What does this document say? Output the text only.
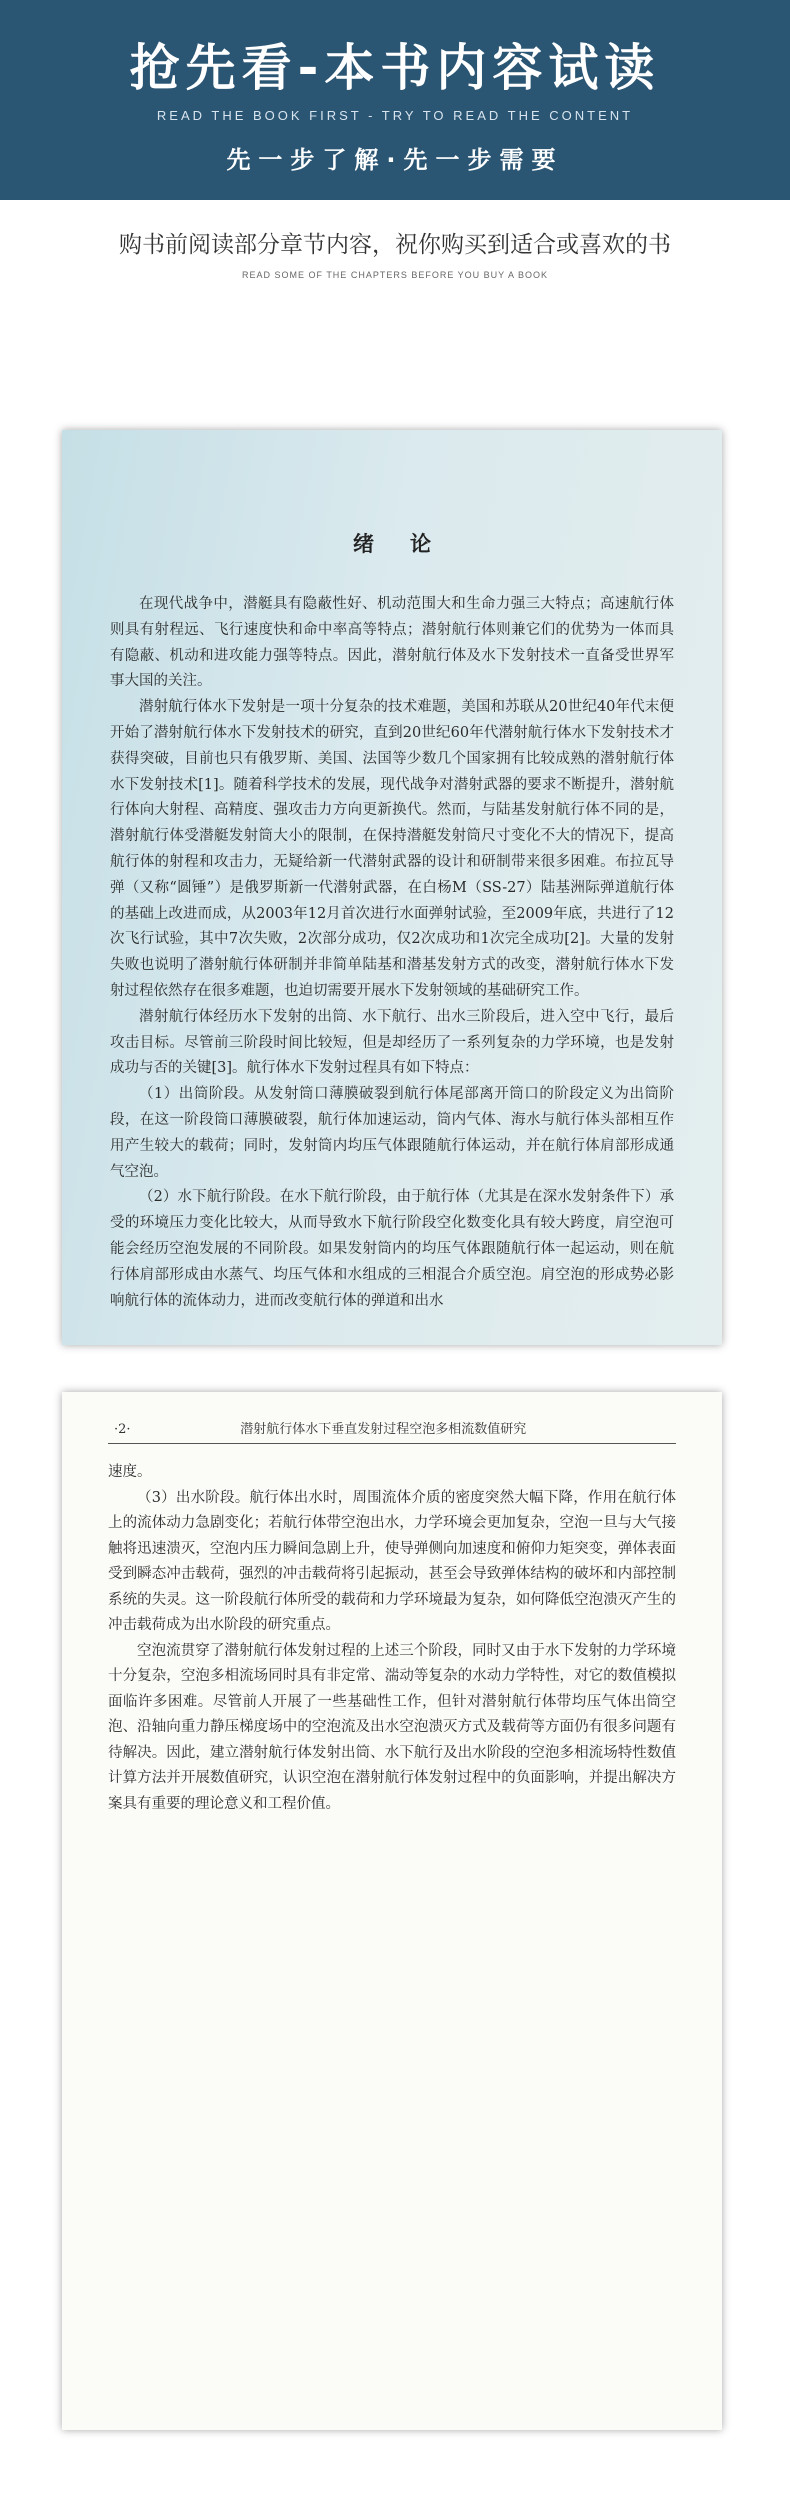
抢先看-本书内容试读
READ THE BOOK FIRST - TRY TO READ THE CONTENT
先一步了解·先一步需要
购书前阅读部分章节内容，祝你购买到适合或喜欢的书
READ SOME OF THE CHAPTERS BEFORE YOU BUY A BOOK
绪论

在现代战争中，潜艇具有隐蔽性好、机动范围大和生命力强三大特点；高速航行体则具有射程远、飞行速度快和命中率高等特点；潜射航行体则兼它们的优势为一体而具有隐蔽、机动和进攻能力强等特点。因此，潜射航行体及水下发射技术一直备受世界军事大国的关注。

潜射航行体水下发射是一项十分复杂的技术难题，美国和苏联从20世纪40年代末便开始了潜射航行体水下发射技术的研究，直到20世纪60年代潜射航行体水下发射技术才获得突破，目前也只有俄罗斯、美国、法国等少数几个国家拥有比较成熟的潜射航行体水下发射技术[1]。随着科学技术的发展，现代战争对潜射武器的要求不断提升，潜射航行体向大射程、高精度、强攻击力方向更新换代。然而，与陆基发射航行体不同的是，潜射航行体受潜艇发射筒大小的限制，在保持潜艇发射筒尺寸变化不大的情况下，提高航行体的射程和攻击力，无疑给新一代潜射武器的设计和研制带来很多困难。布拉瓦导弹（又称“圆锤”）是俄罗斯新一代潜射武器，在白杨M（SS-27）陆基洲际弹道航行体的基础上改进而成，从2003年12月首次进行水面弹射试验，至2009年底，共进行了12次飞行试验，其中7次失败，2次部分成功，仅2次成功和1次完全成功[2]。大量的发射失败也说明了潜射航行体研制并非简单陆基和潜基发射方式的改变，潜射航行体水下发射过程依然存在很多难题，也迫切需要开展水下发射领域的基础研究工作。

潜射航行体经历水下发射的出筒、水下航行、出水三阶段后，进入空中飞行，最后攻击目标。尽管前三阶段时间比较短，但是却经历了一系列复杂的力学环境，也是发射成功与否的关键[3]。航行体水下发射过程具有如下特点：

（1）出筒阶段。从发射筒口薄膜破裂到航行体尾部离开筒口的阶段定义为出筒阶段，在这一阶段筒口薄膜破裂，航行体加速运动，筒内气体、海水与航行体头部相互作用产生较大的载荷；同时，发射筒内均压气体跟随航行体运动，并在航行体肩部形成通气空泡。

（2）水下航行阶段。在水下航行阶段，由于航行体（尤其是在深水发射条件下）承受的环境压力变化比较大，从而导致水下航行阶段空化数变化具有较大跨度，肩空泡可能会经历空泡发展的不同阶段。如果发射筒内的均压气体跟随航行体一起运动，则在航行体肩部形成由水蒸气、均压气体和水组成的三相混合介质空泡。肩空泡的形成势必影响航行体的流体动力，进而改变航行体的弹道和出水

·2·	潜射航行体水下垂直发射过程空泡多相流数值研究

速度。

（3）出水阶段。航行体出水时，周围流体介质的密度突然大幅下降，作用在航行体上的流体动力急剧变化；若航行体带空泡出水，力学环境会更加复杂，空泡一旦与大气接触将迅速溃灭，空泡内压力瞬间急剧上升，使导弹侧向加速度和俯仰力矩突变，弹体表面受到瞬态冲击载荷，强烈的冲击载荷将引起振动，甚至会导致弹体结构的破坏和内部控制系统的失灵。这一阶段航行体所受的载荷和力学环境最为复杂，如何降低空泡溃灭产生的冲击载荷成为出水阶段的研究重点。

空泡流贯穿了潜射航行体发射过程的上述三个阶段，同时又由于水下发射的力学环境十分复杂，空泡多相流场同时具有非定常、湍动等复杂的水动力学特性，对它的数值模拟面临许多困难。尽管前人开展了一些基础性工作，但针对潜射航行体带均压气体出筒空泡、沿轴向重力静压梯度场中的空泡流及出水空泡溃灭方式及载荷等方面仍有很多问题有待解决。因此，建立潜射航行体发射出筒、水下航行及出水阶段的空泡多相流场特性数值计算方法并开展数值研究，认识空泡在潜射航行体发射过程中的负面影响，并提出解决方案具有重要的理论意义和工程价值。
